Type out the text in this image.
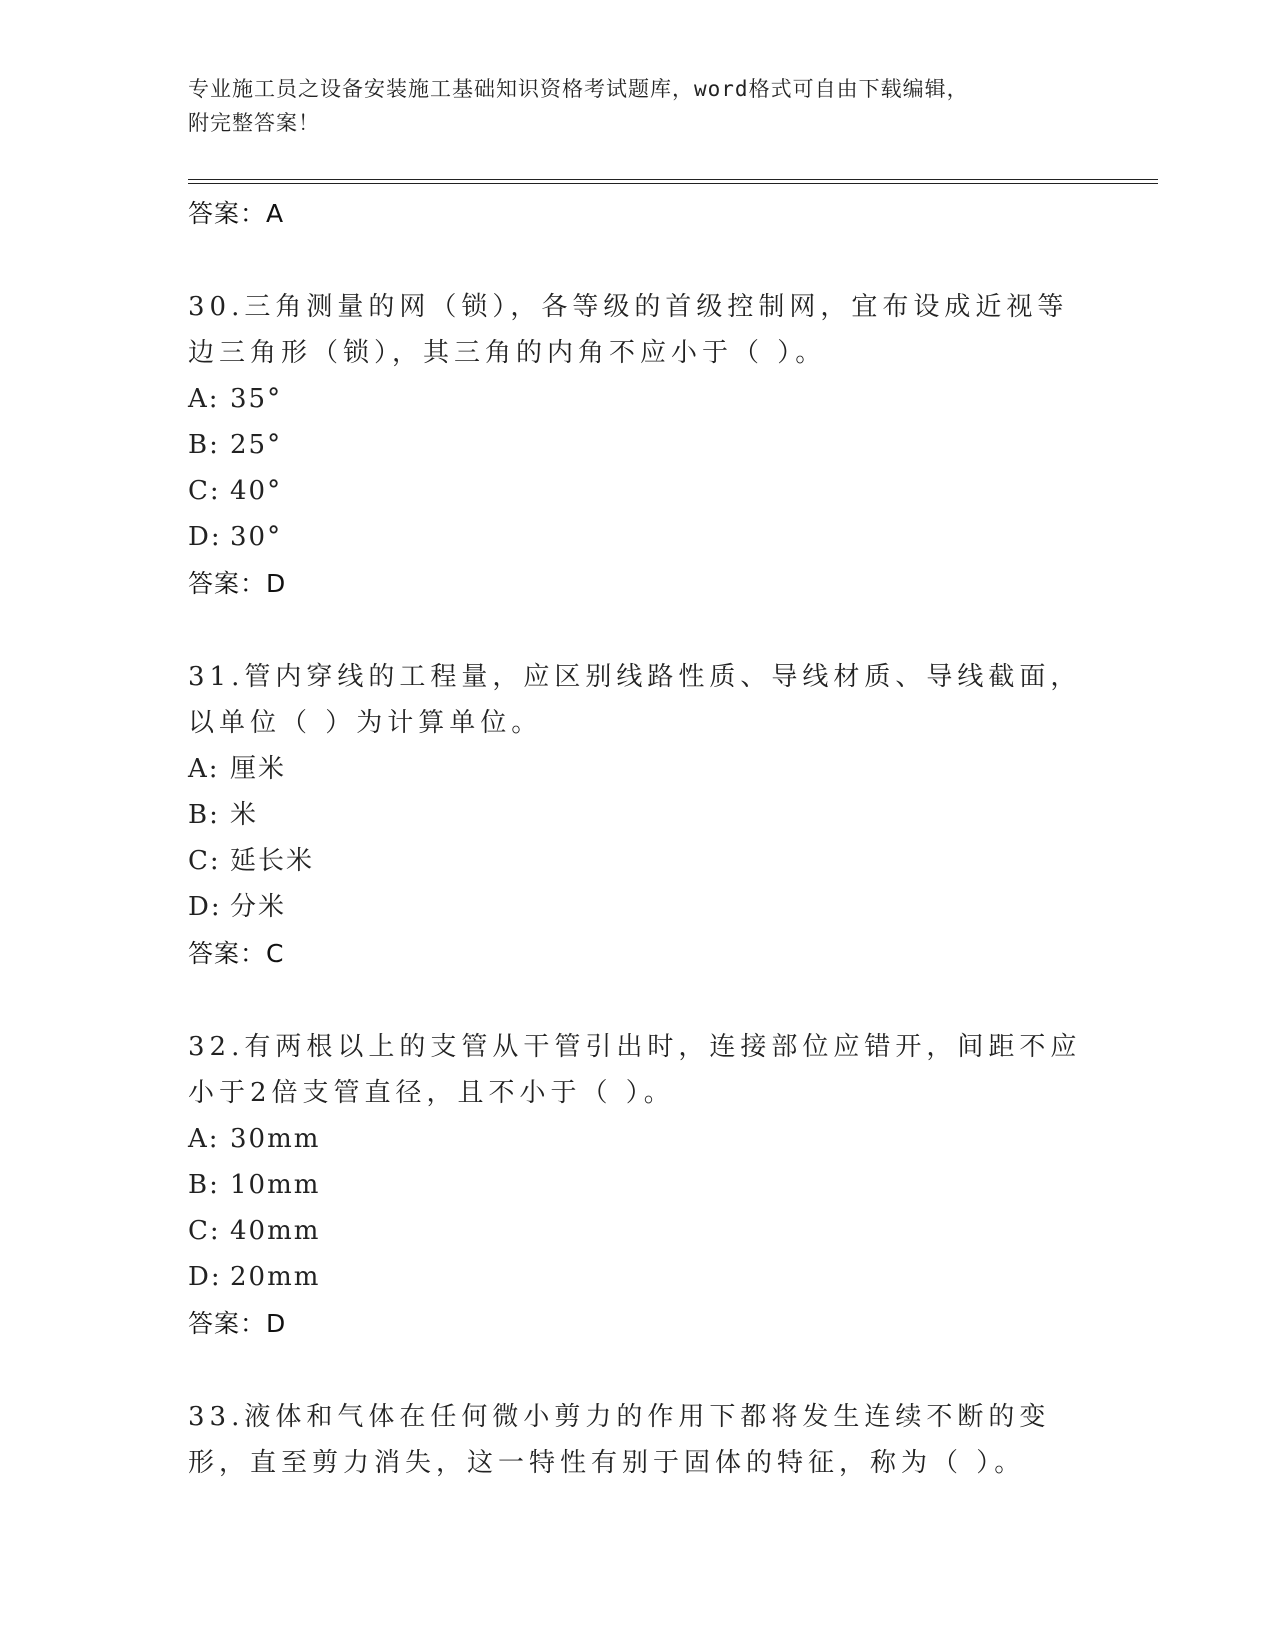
专业施工员之设备安装施工基础知识资格考试题库，word格式可自由下载编辑，
附完整答案！
答案：A
30.三角测量的网（锁），各等级的首级控制网，宜布设成近视等边三角形（锁），其三角的内角不应小于（ ）。
A: 35°
B: 25°
C: 40°
D: 30°
答案：D
31.管内穿线的工程量，应区别线路性质、导线材质、导线截面，以单位（ ）为计算单位。
A: 厘米
B: 米
C: 延长米
D: 分米
答案：C
32.有两根以上的支管从干管引出时，连接部位应错开，间距不应小于2倍支管直径，且不小于（ ）。
A: 30mm
B: 10mm
C: 40mm
D: 20mm
答案：D
33.液体和气体在任何微小剪力的作用下都将发生连续不断的变形，直至剪力消失，这一特性有别于固体的特征，称为（ ）。
